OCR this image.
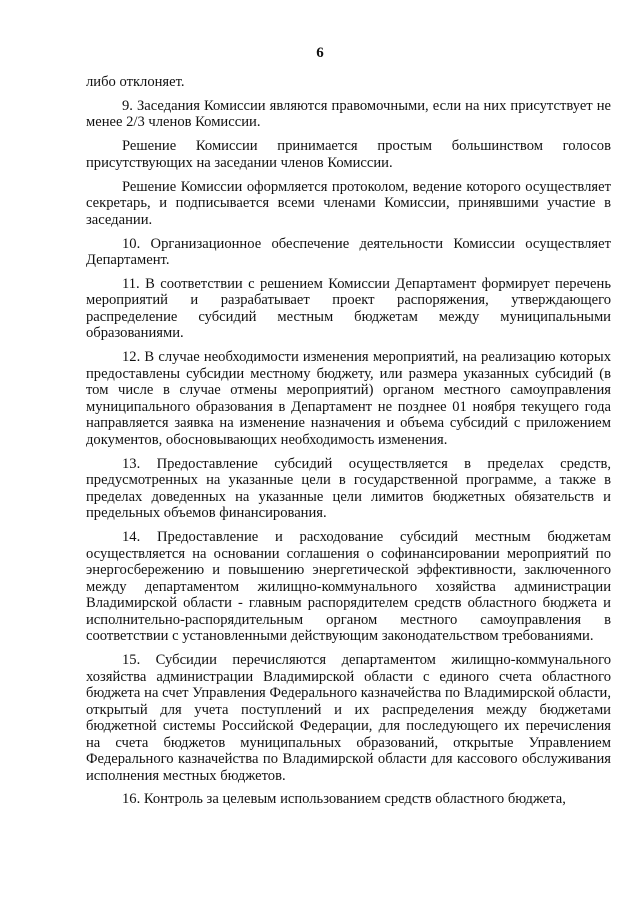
6

либо отклоняет.

9. Заседания Комиссии являются правомочными, если на них присутствует не менее 2/3 членов Комиссии.

Решение Комиссии принимается простым большинством голосов присутствующих на заседании членов Комиссии.

Решение Комиссии оформляется протоколом, ведение которого осуществляет секретарь, и подписывается всеми членами Комиссии, принявшими участие в заседании.

10. Организационное обеспечение деятельности Комиссии осуществляет Департамент.

11. В соответствии с решением Комиссии Департамент формирует перечень мероприятий и разрабатывает проект распоряжения, утверждающего распределение субсидий местным бюджетам между муниципальными образованиями.

12. В случае необходимости изменения мероприятий, на реализацию которых предоставлены субсидии местному бюджету, или размера указанных субсидий (в том числе в случае отмены мероприятий) органом местного самоуправления муниципального образования в Департамент не позднее 01 ноября текущего года направляется заявка на изменение назначения и объема субсидий с приложением документов, обосновывающих необходимость изменения.

13. Предоставление субсидий осуществляется в пределах средств, предусмотренных на указанные цели в государственной программе, а также в пределах доведенных на указанные цели лимитов бюджетных обязательств и предельных объемов финансирования.

14. Предоставление и расходование субсидий местным бюджетам осуществляется на основании соглашения о софинансировании мероприятий по энергосбережению и повышению энергетической эффективности, заключенного между департаментом жилищно-коммунального хозяйства администрации Владимирской области - главным распорядителем средств областного бюджета и исполнительно-распорядительным органом местного самоуправления в соответствии с установленными действующим законодательством требованиями.

15. Субсидии перечисляются департаментом жилищно-коммунального хозяйства администрации Владимирской области с единого счета областного бюджета на счет Управления Федерального казначейства по Владимирской области, открытый для учета поступлений и их распределения между бюджетами бюджетной системы Российской Федерации, для последующего их перечисления на счета бюджетов муниципальных образований, открытые Управлением Федерального казначейства по Владимирской области для кассового обслуживания исполнения местных бюджетов.

16. Контроль за целевым использованием средств областного бюджета,
